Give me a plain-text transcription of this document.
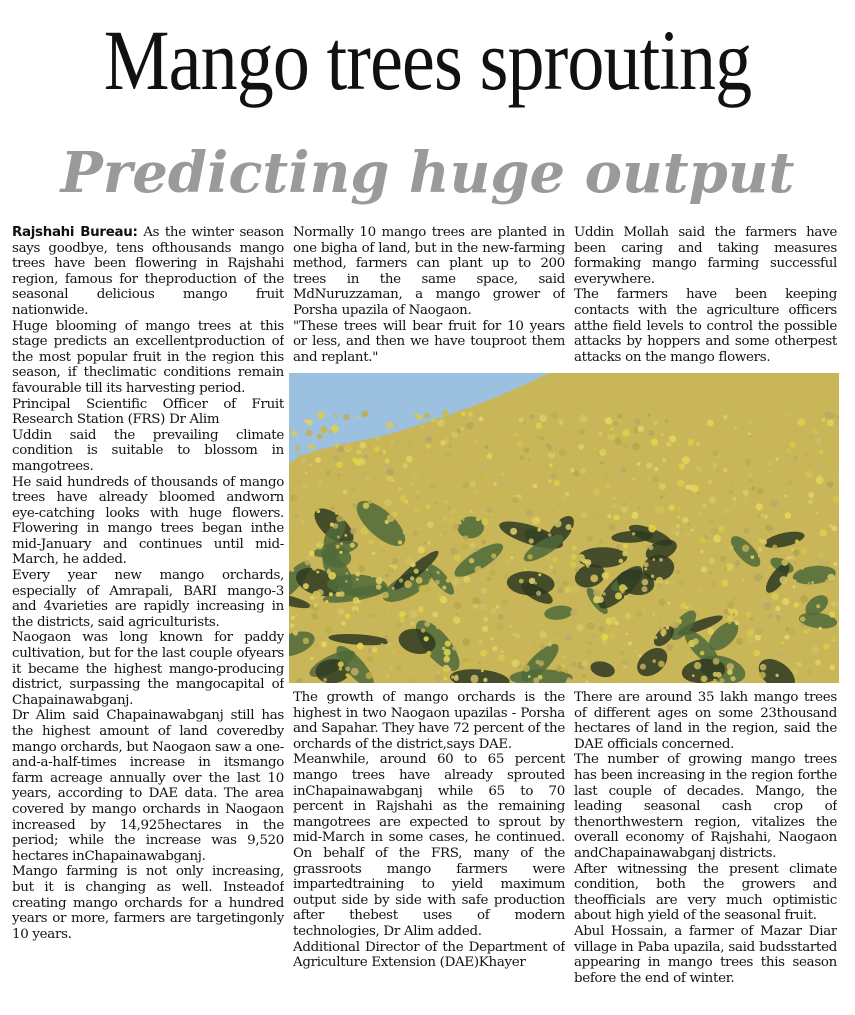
Mango trees sprouting
Predicting huge output

Rajshahi Bureau: As the winter season says goodbye, tens ofthousands mango trees have been flowering in Rajshahi region, famous for theproduction of the seasonal delicious mango fruit nationwide.

Huge blooming of mango trees at this stage predicts an excellentproduction of the most popular fruit in the region this season, if theclimatic conditions remain favourable till its harvesting period.

Principal Scientific Officer of Fruit Research Station (FRS) Dr Alim

Uddin said the prevailing climate condition is suitable to blossom in mangotrees.

He said hundreds of thousands of mango trees have already bloomed andworn eye-catching looks with huge flowers. Flowering in mango trees began inthe mid-January and continues until mid-March, he added.

Every year new mango orchards, especially of Amrapali, BARI mango-3 and 4varieties are rapidly increasing in the districts, said agriculturists.

Naogaon was long known for paddy cultivation, but for the last couple ofyears it became the highest mango-producing district, surpassing the mangocapital of Chapainawabganj.

Dr Alim said Chapainawabganj still has the highest amount of land coveredby mango orchards, but Naogaon saw a one-and-a-half-times increase in itsmango farm acreage annually over the last 10 years, according to DAE data. The area covered by mango orchards in Naogaon increased by 14,925hectares in the period; while the increase was 9,520 hectares inChapainawabganj.

Mango farming is not only increasing, but it is changing as well. Insteadof creating mango orchards for a hundred years or more, farmers are targetingonly 10 years.

Normally 10 mango trees are planted in one bigha of land, but in the new-farming method, farmers can plant up to 200 trees in the same space, said MdNuruzzaman, a mango grower of Porsha upazila of Naogaon.

"These trees will bear fruit for 10 years or less, and then we have touproot them and replant."

Uddin Mollah said the farmers have been caring and taking measures formaking mango farming successful everywhere.

The farmers have been keeping contacts with the agriculture officers atthe field levels to control the possible attacks by hoppers and some otherpest attacks on the mango flowers.

The growth of mango orchards is the highest in two Naogaon upazilas - Porsha and Sapahar. They have 72 percent of the orchards of the district,says DAE.

Meanwhile, around 60 to 65 percent mango trees have already sprouted inChapainawabganj while 65 to 70 percent in Rajshahi as the remaining mangotrees are expected to sprout by mid-March in some cases, he continued. On behalf of the FRS, many of the grassroots mango farmers were impartedtraining to yield maximum output side by side with safe production after thebest uses of modern technologies, Dr Alim added.

Additional Director of the Department of Agriculture Extension (DAE)Khayer

There are around 35 lakh mango trees of different ages on some 23thousand hectares of land in the region, said the DAE officials concerned.

The number of growing mango trees has been increasing in the region forthe last couple of decades. Mango, the leading seasonal cash crop of thenorthwestern region, vitalizes the overall economy of Rajshahi, Naogaon andChapainawabganj districts.

After witnessing the present climate condition, both the growers and theofficials are very much optimistic about high yield of the seasonal fruit.

Abul Hossain, a farmer of Mazar Diar village in Paba upazila, said budsstarted appearing in mango trees this season before the end of winter.
